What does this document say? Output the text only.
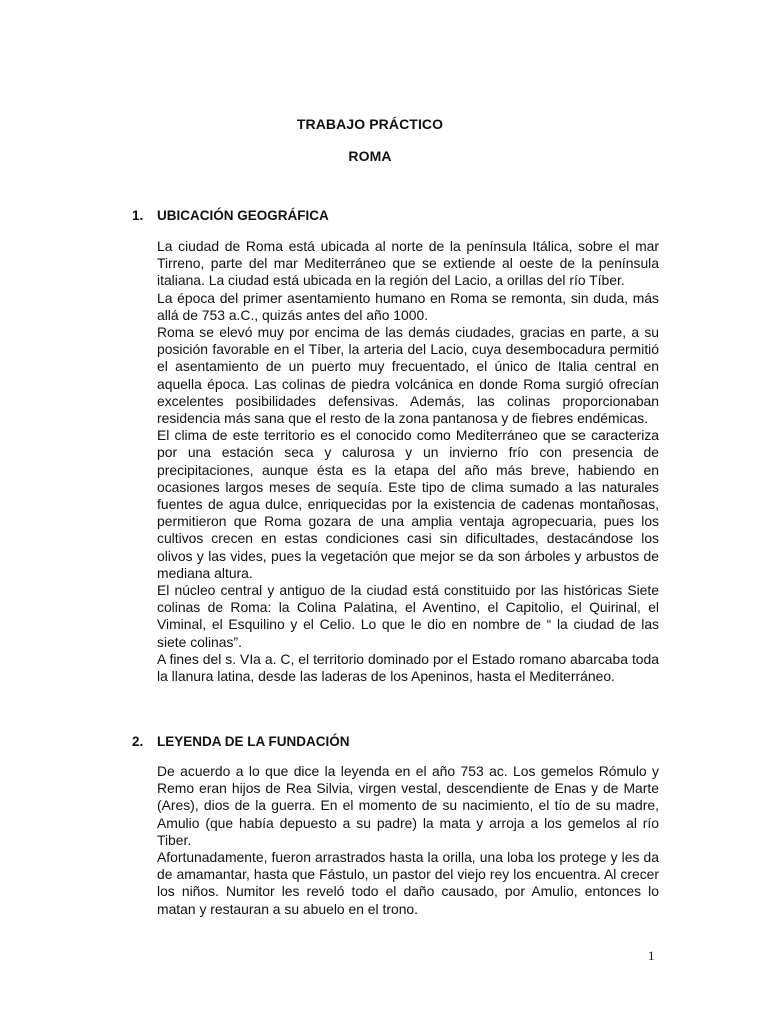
TRABAJO PRÁCTICO
ROMA
1.	UBICACIÓN GEOGRÁFICA

La ciudad de Roma está ubicada al norte de la península Itálica, sobre el mar Tirreno, parte del mar Mediterráneo que se extiende al oeste de la península italiana. La ciudad está ubicada en la región del Lacio, a orillas del río Tíber.

La época del primer asentamiento humano en Roma se remonta, sin duda, más allá de 753 a.C., quizás antes del año 1000.

Roma se elevó muy por encima de las demás ciudades, gracias en parte, a su posición favorable en el Tíber, la arteria del Lacio, cuya desembocadura permitió el asentamiento de un puerto muy frecuentado, el único de Italia central en aquella época. Las colinas de piedra volcánica en donde Roma surgió ofrecían excelentes posibilidades defensivas. Además, las colinas proporcionaban residencia más sana que el resto de la zona pantanosa y de fiebres endémicas.

El clima de este territorio es el conocido como Mediterráneo que se caracteriza por una estación seca y calurosa y un invierno frío con presencia de precipitaciones, aunque ésta es la etapa del año más breve, habiendo en ocasiones largos meses de sequía. Este tipo de clima sumado a las naturales fuentes de agua dulce, enriquecidas por la existencia de cadenas montañosas, permitieron que Roma gozara de una amplia ventaja agropecuaria, pues los cultivos crecen en estas condiciones casi sin dificultades, destacándose los olivos y las vides, pues la vegetación que mejor se da son árboles y arbustos de mediana altura.

El núcleo central y antiguo de la ciudad está constituido por las históricas Siete colinas de Roma: la Colina Palatina, el Aventino, el Capitolio, el Quirinal, el Viminal, el Esquilino y el Celio. Lo que le dio en nombre de “ la ciudad de las siete colinas”.

A fines del s. VIa a. C, el territorio dominado por el Estado romano abarcaba toda la llanura latina, desde las laderas de los Apeninos, hasta el Mediterráneo.

2.	LEYENDA DE LA FUNDACIÓN

De acuerdo a lo que dice la leyenda en el año 753 ac. Los gemelos Rómulo y Remo eran hijos de Rea Silvia, virgen vestal, descendiente de Enas y de Marte (Ares), dios de la guerra. En el momento de su nacimiento, el tío de su madre, Amulio (que había depuesto a su padre) la mata y arroja a los gemelos al río Tiber.

Afortunadamente, fueron arrastrados hasta la orilla, una loba los protege y les da de amamantar, hasta que Fástulo, un pastor del viejo rey los encuentra. Al crecer los niños. Numitor les reveló todo el daño causado, por Amulio, entonces lo matan y restauran a su abuelo en el trono.

1
